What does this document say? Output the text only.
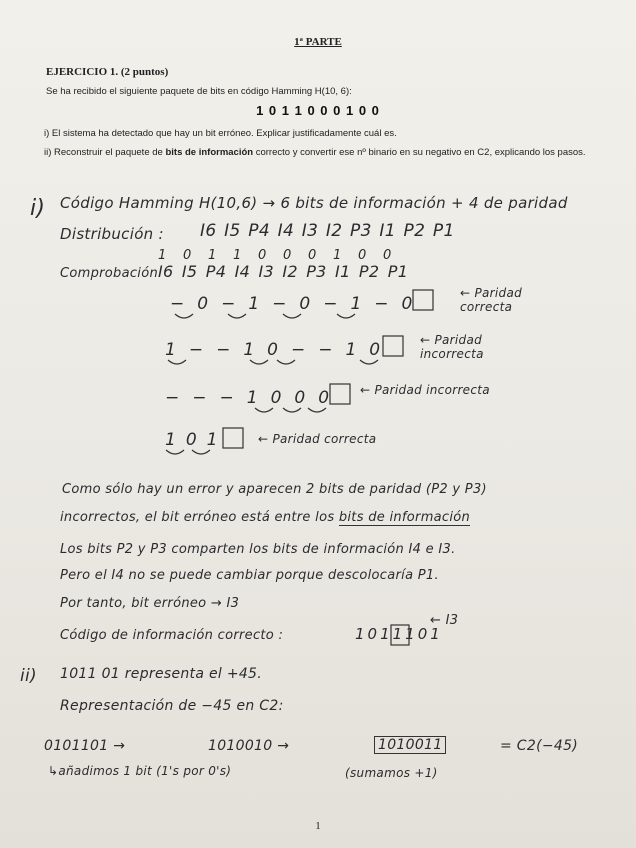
1ª PARTE
EJERCICIO 1. (2 puntos)
Se ha recibido el siguiente paquete de bits en código Hamming H(10, 6):
1 0 1 1 0 0 0 1 0 0
i) El sistema ha detectado que hay un bit erróneo. Explicar justificadamente cuál es.
ii) Reconstruir el paquete de bits de información correcto y convertir ese nº binario en su negativo en C2, explicando los pasos.
i) Código Hamming H(10,6) → 6 bits de información + 4 de paridad
Distribución : I6 I5 P4 I4 I3 I2 P3 I1 P2 P1
1 0 1 1 0 0 0 1 0 0
Comprobación I6 I5 P4 I4 I3 I2 P3 I1 P2 P1
− 0 − 1 − 0 − 1 − 0
← Paridad correcta
1 − − 1 0 − − 1 0	← Paridad incorrecta
− − − 1 0 0 0	← Paridad incorrecta
1 0 1	← Paridad correcta
Como sólo hay un error y aparecen 2 bits de paridad (P2 y P3)
incorrectos, el bit erróneo está entre los bits de información
Los bits P2 y P3 comparten los bits de información I4 e I3.
Pero el I4 no se puede cambiar porque descolocaría P1.
Por tanto, bit erróneo → I3
← I3
Código de información correcto :	1011101
ii) 1011 01 representa el +45.
Representación de −45 en C2:
0101101 →	1010010 →	1010011	= C2(−45)
↳añadimos 1 bit (1's por 0's)	(sumamos +1)
1
